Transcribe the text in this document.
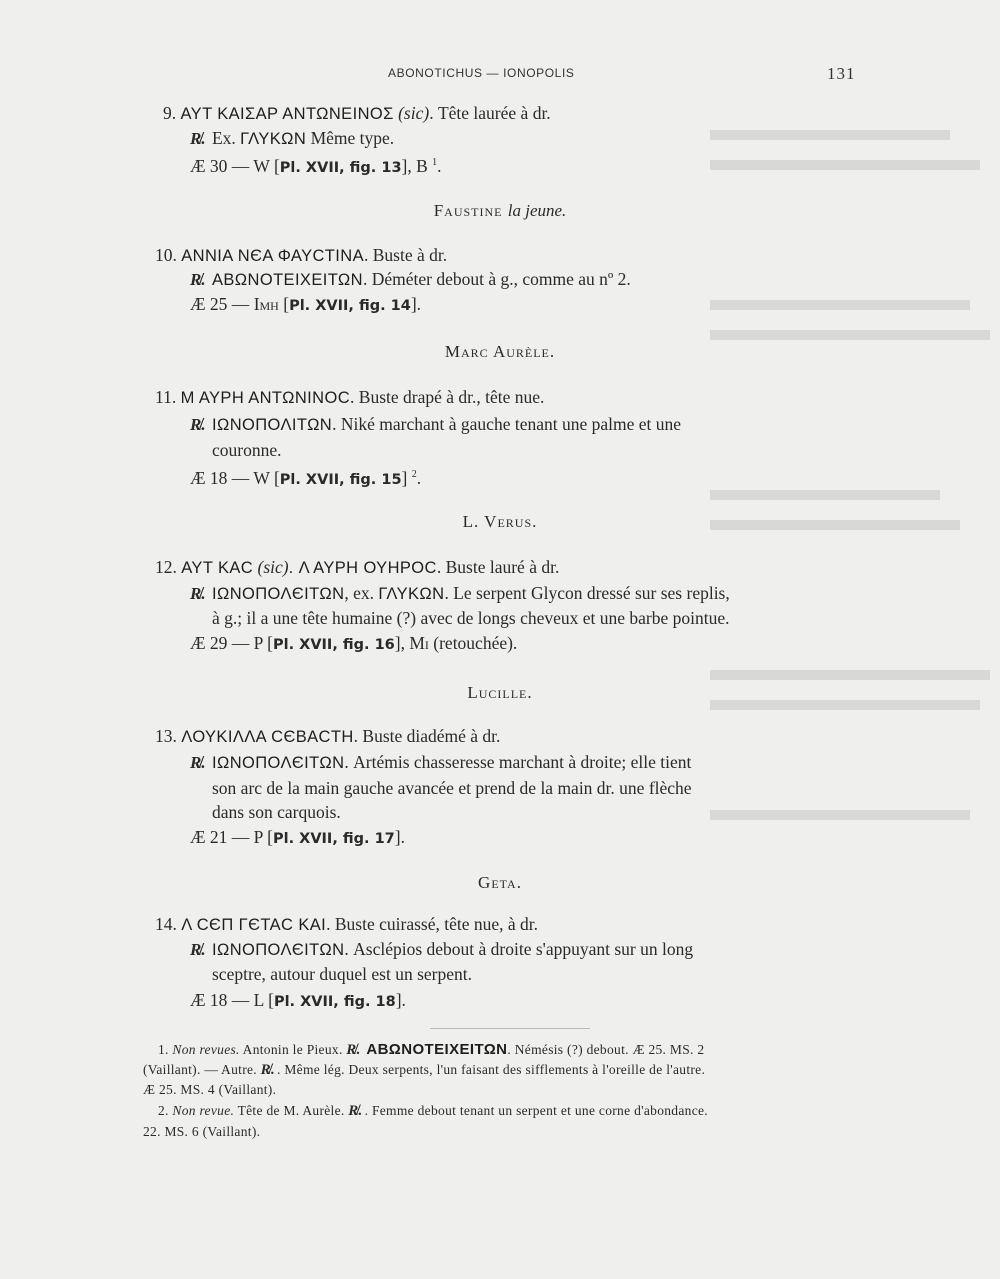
ABONOTICHUS — IONOPOLIS	131
9. ΑΥΤ ΚΑΙΣΑΡ ΑΝΤΩΝΕΙΝΟΣ (sic). Tête laurée à dr.
R̸. Ex. ΓΛΥΚΩΝ Même type.
Æ 30 — W [Pl. XVII, fig. 13], B $^1$.
Faustine la jeune.
10. ΑΝΝΙΑ ΝЄΑ ΦΑΥCΤΙΝΑ. Buste à dr.
R̸. ΑΒΩΝΟΤΕΙΧΕΙΤΩΝ. Déméter debout à g., comme au nº 2.
Æ 25 — Imh [Pl. XVII, fig. 14].
Marc Aurèle.
11. Μ ΑΥΡΗ ΑΝΤΩΝΙΝΟC. Buste drapé à dr., tête nue.
R̸. ΙΩΝΟΠΟΛΙΤΩΝ. Niké marchant à gauche tenant une palme et une
couronne.
Æ 18 — W [Pl. XVII, fig. 15] $^2$.
L. Verus.
12. ΑΥΤ ΚΑC (sic). Λ ΑΥΡΗ ΟΥΗΡΟC. Buste lauré à dr.
R̸. ΙΩΝΟΠΟΛЄΙΤΩΝ, ex. ΓΛΥΚΩΝ. Le serpent Glycon dressé sur ses replis,
à g.; il a une tête humaine (?) avec de longs cheveux et une barbe pointue.
Æ 29 — P [Pl. XVII, fig. 16], Mi (retouchée).
Lucille.
13. ΛΟΥΚΙΛΛΑ CЄΒΑCΤΗ. Buste diadémé à dr.
R̸. ΙΩΝΟΠΟΛЄΙΤΩΝ. Artémis chasseresse marchant à droite; elle tient
son arc de la main gauche avancée et prend de la main dr. une flèche
dans son carquois.
Æ 21 — P [Pl. XVII, fig. 17].
Geta.
14. Λ CЄΠ ΓЄΤΑC ΚΑΙ. Buste cuirassé, tête nue, à dr.
R̸. ΙΩΝΟΠΟΛЄΙΤΩΝ. Asclépios debout à droite s'appuyant sur un long
sceptre, autour duquel est un serpent.
Æ 18 — L [Pl. XVII, fig. 18].
1. Non revues. Antonin le Pieux. R̸. ΑΒΩΝΟΤΕΙΧΕΙΤΩΝ. Némésis (?) debout. Æ 25. MS. 2
(Vaillant). — Autre. R̸. . Même lég. Deux serpents, l'un faisant des sifflements à l'oreille de l'autre.
Æ 25. MS. 4 (Vaillant).
2. Non revue. Tête de M. Aurèle. R̸. . Femme debout tenant un serpent et une corne d'abondance.
22. MS. 6 (Vaillant).
